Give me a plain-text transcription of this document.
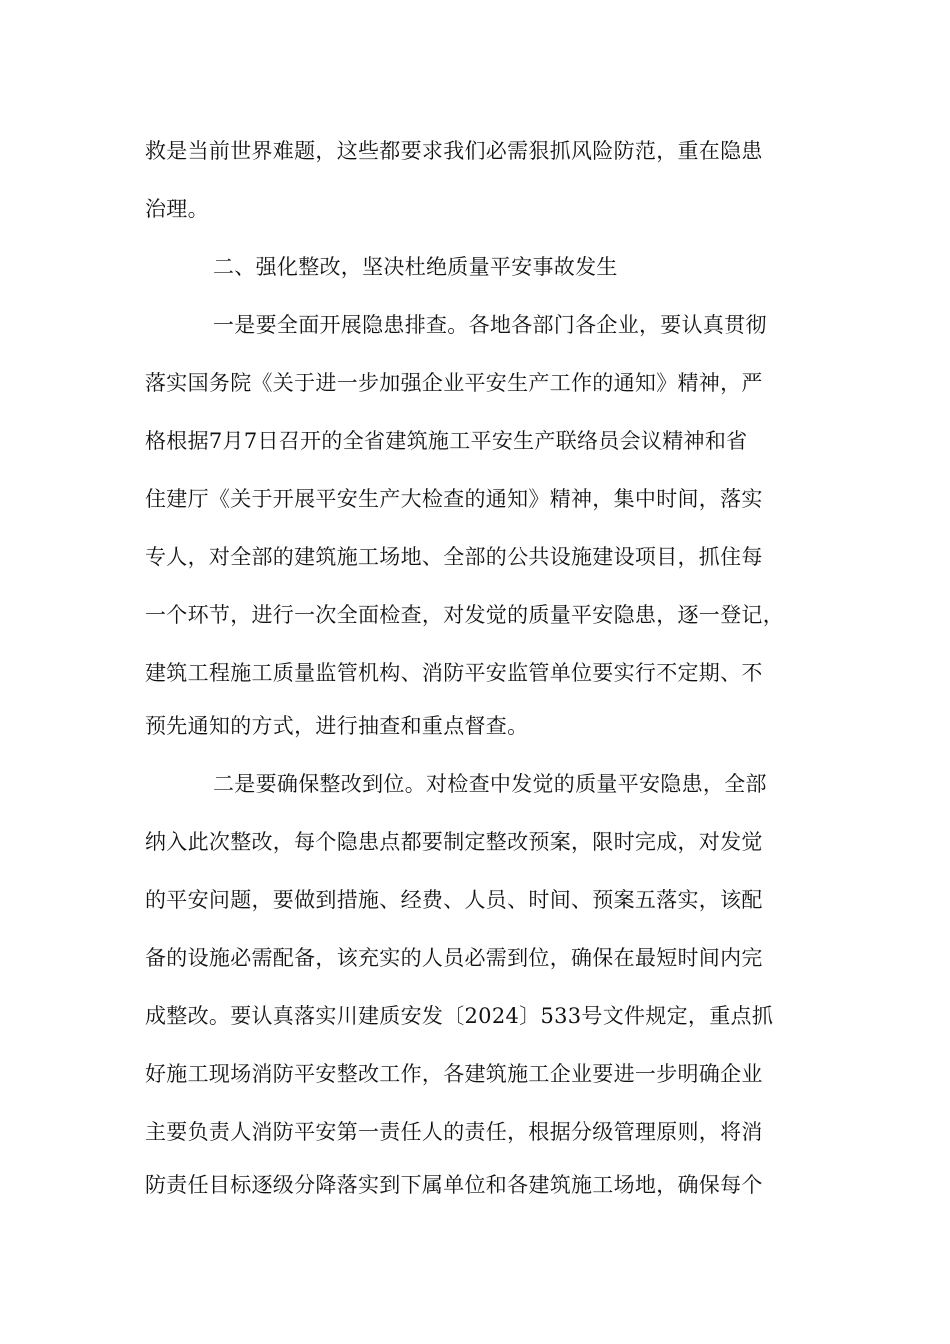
救是当前世界难题，这些都要求我们必需狠抓风险防范，重在隐患
治理。
二、强化整改，坚决杜绝质量平安事故发生
一是要全面开展隐患排查。各地各部门各企业，要认真贯彻
落实国务院《关于进一步加强企业平安生产工作的通知》精神，严
格根据7月7日召开的全省建筑施工平安生产联络员会议精神和省
住建厅《关于开展平安生产大检查的通知》精神，集中时间，落实
专人，对全部的建筑施工场地、全部的公共设施建设项目，抓住每
一个环节，进行一次全面检查，对发觉的质量平安隐患，逐一登记，
建筑工程施工质量监管机构、消防平安监管单位要实行不定期、不
预先通知的方式，进行抽查和重点督查。
二是要确保整改到位。对检查中发觉的质量平安隐患，全部
纳入此次整改，每个隐患点都要制定整改预案，限时完成，对发觉
的平安问题，要做到措施、经费、人员、时间、预案五落实，该配
备的设施必需配备，该充实的人员必需到位，确保在最短时间内完
成整改。要认真落实川建质安发〔2024〕533号文件规定，重点抓
好施工现场消防平安整改工作，各建筑施工企业要进一步明确企业
主要负责人消防平安第一责任人的责任，根据分级管理原则，将消
防责任目标逐级分降落实到下属单位和各建筑施工场地，确保每个
